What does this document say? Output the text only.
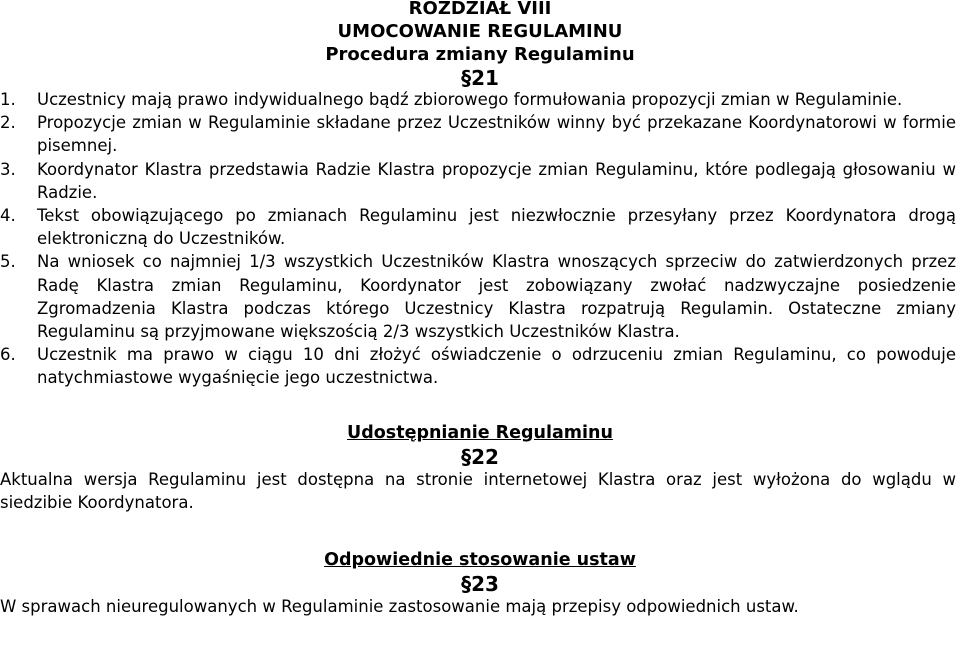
ROZDZIAŁ VIII
UMOCOWANIE REGULAMINU
Procedura zmiany Regulaminu
§21
1. Uczestnicy mają prawo indywidualnego bądź zbiorowego formułowania propozycji zmian w Regulaminie.
2. Propozycje zmian w Regulaminie składane przez Uczestników winny być przekazane Koordynatorowi w formie pisemnej.
3. Koordynator Klastra przedstawia Radzie Klastra propozycje zmian Regulaminu, które podlegają głosowaniu w Radzie.
4. Tekst obowiązującego po zmianach Regulaminu jest niezwłocznie przesyłany przez Koordynatora drogą elektroniczną do Uczestników.
5. Na wniosek co najmniej 1/3 wszystkich Uczestników Klastra wnoszących sprzeciw do zatwierdzonych przez Radę Klastra zmian Regulaminu, Koordynator jest zobowiązany zwołać nadzwyczajne posiedzenie Zgromadzenia Klastra podczas którego Uczestnicy Klastra rozpatrują Regulamin. Ostateczne zmiany Regulaminu są przyjmowane większością 2/3 wszystkich Uczestników Klastra.
6. Uczestnik ma prawo w ciągu 10 dni złożyć oświadczenie o odrzuceniu zmian Regulaminu, co powoduje natychmiastowe wygaśnięcie jego uczestnictwa.
Udostępnianie Regulaminu
§22
Aktualna wersja Regulaminu jest dostępna na stronie internetowej Klastra oraz jest wyłożona do wglądu w siedzibie Koordynatora.
Odpowiednie stosowanie ustaw
§23
W sprawach nieuregulowanych w Regulaminie zastosowanie mają przepisy odpowiednich ustaw.
